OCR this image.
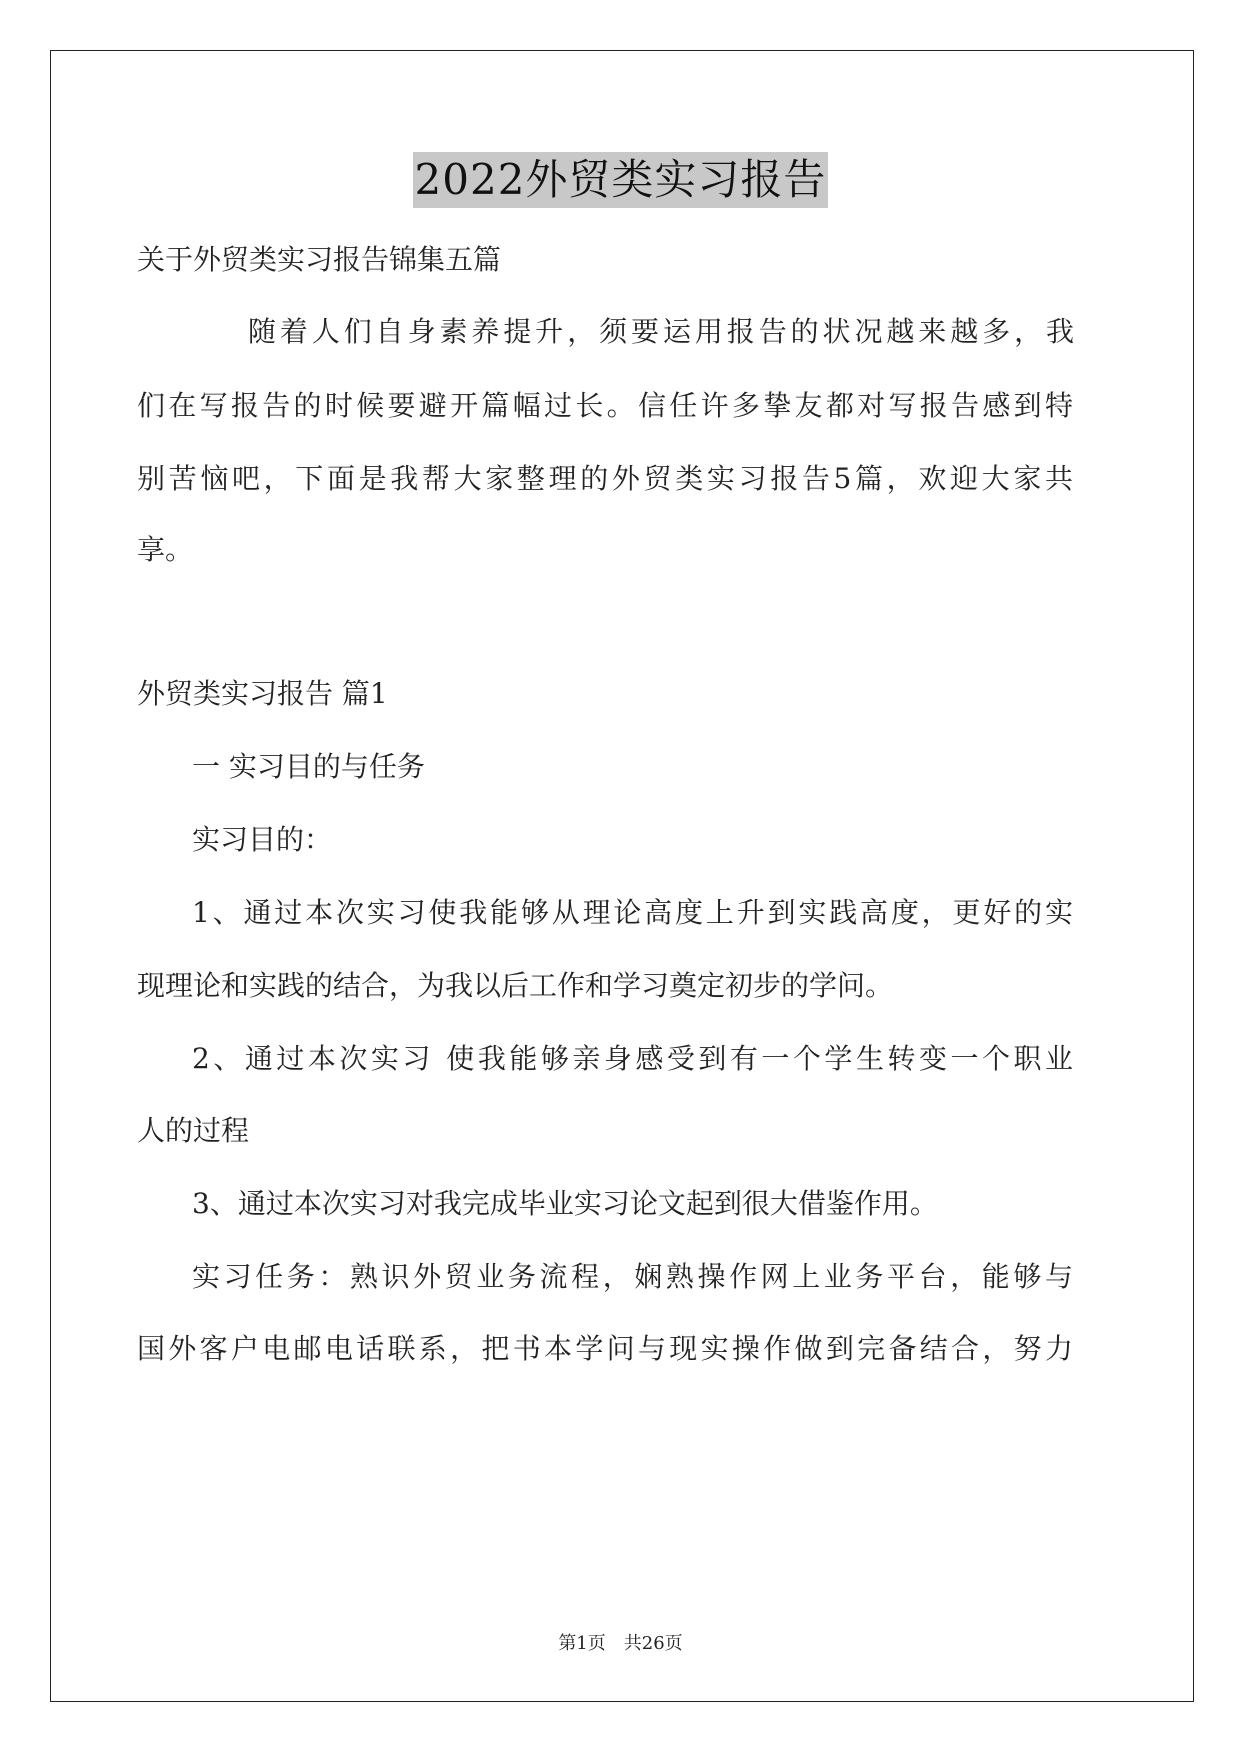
2022外贸类实习报告
关于外贸类实习报告锦集五篇
随着人们自身素养提升，须要运用报告的状况越来越多，我
们在写报告的时候要避开篇幅过长。信任许多挚友都对写报告感到特
别苦恼吧，下面是我帮大家整理的外贸类实习报告5篇，欢迎大家共
享。
外贸类实习报告 篇1
一 实习目的与任务
实习目的：
1、通过本次实习使我能够从理论高度上升到实践高度，更好的实
现理论和实践的结合，为我以后工作和学习奠定初步的学问。
2、通过本次实习 使我能够亲身感受到有一个学生转变一个职业
人的过程
3、通过本次实习对我完成毕业实习论文起到很大借鉴作用。
实习任务：熟识外贸业务流程，娴熟操作网上业务平台，能够与
国外客户电邮电话联系，把书本学问与现实操作做到完备结合，努力
第1页 共26页
